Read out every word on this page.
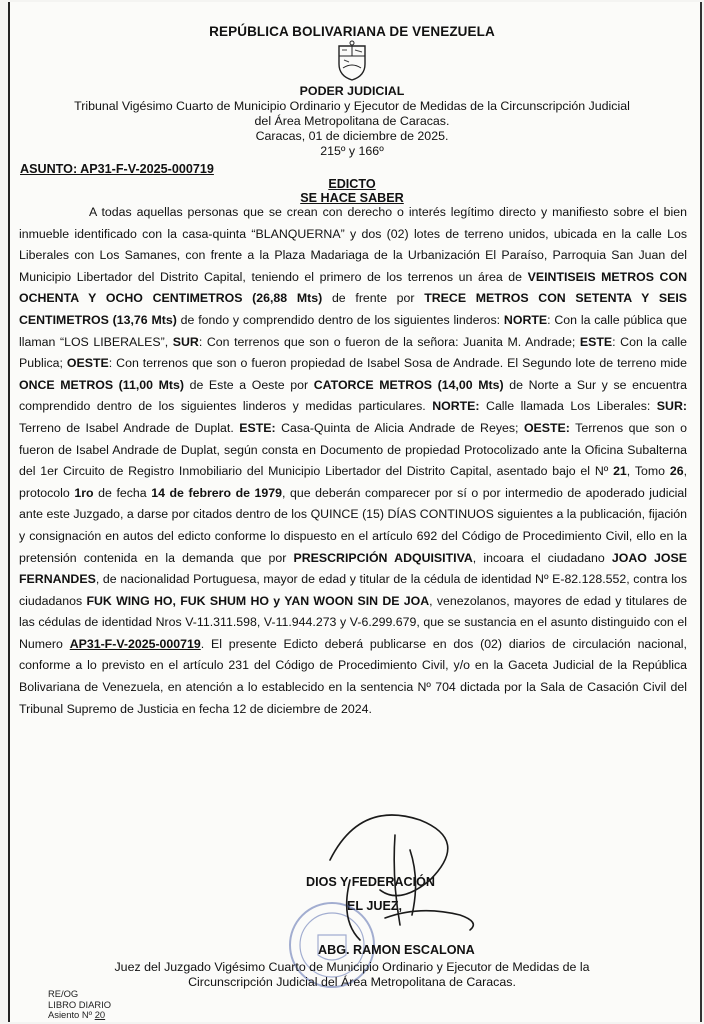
REPÚBLICA BOLIVARIANA DE VENEZUELA
PODER JUDICIAL
Tribunal Vigésimo Cuarto de Municipio Ordinario y Ejecutor de Medidas de la Circunscripción Judicial
del Área Metropolitana de Caracas.
Caracas, 01 de diciembre de 2025.
215º y 166º
ASUNTO: AP31-F-V-2025-000719
EDICTO
SE HACE SABER

A todas aquellas personas que se crean con derecho o interés legítimo directo y manifiesto sobre el bien inmueble identificado con la casa-quinta “BLANQUERNA” y dos (02) lotes de terreno unidos, ubicada en la calle Los Liberales con Los Samanes, con frente a la Plaza Madariaga de la Urbanización El Paraíso, Parroquia San Juan del Municipio Libertador del Distrito Capital, teniendo el primero de los terrenos un área de VEINTISEIS METROS CON OCHENTA Y OCHO CENTIMETROS (26,88 Mts) de frente por TRECE METROS CON SETENTA Y SEIS CENTIMETROS (13,76 Mts) de fondo y comprendido dentro de los siguientes linderos: NORTE: Con la calle pública que llaman “LOS LIBERALES”, SUR: Con terrenos que son o fueron de la señora: Juanita M. Andrade; ESTE: Con la calle Publica; OESTE: Con terrenos que son o fueron propiedad de Isabel Sosa de Andrade. El Segundo lote de terreno mide ONCE METROS (11,00 Mts) de Este a Oeste por CATORCE METROS (14,00 Mts) de Norte a Sur y se encuentra comprendido dentro de los siguientes linderos y medidas particulares. NORTE: Calle llamada Los Liberales: SUR: Terreno de Isabel Andrade de Duplat. ESTE: Casa-Quinta de Alicia Andrade de Reyes; OESTE: Terrenos que son o fueron de Isabel Andrade de Duplat, según consta en Documento de propiedad Protocolizado ante la Oficina Subalterna del 1er Circuito de Registro Inmobiliario del Municipio Libertador del Distrito Capital, asentado bajo el Nº 21, Tomo 26, protocolo 1ro de fecha 14 de febrero de 1979, que deberán comparecer por sí o por intermedio de apoderado judicial ante este Juzgado, a darse por citados dentro de los QUINCE (15) DÍAS CONTINUOS siguientes a la publicación, fijación y consignación en autos del edicto conforme lo dispuesto en el artículo 692 del Código de Procedimiento Civil, ello en la pretensión contenida en la demanda que por PRESCRIPCIÓN ADQUISITIVA, incoara el ciudadano JOAO JOSE FERNANDES, de nacionalidad Portuguesa, mayor de edad y titular de la cédula de identidad Nº E-82.128.552, contra los ciudadanos FUK WING HO, FUK SHUM HO y YAN WOON SIN DE JOA, venezolanos, mayores de edad y titulares de las cédulas de identidad Nros V-11.311.598, V-11.944.273 y V-6.299.679, que se sustancia en el asunto distinguido con el Numero AP31-F-V-2025-000719. El presente Edicto deberá publicarse en dos (02) diarios de circulación nacional, conforme a lo previsto en el artículo 231 del Código de Procedimiento Civil, y/o en la Gaceta Judicial de la República Bolivariana de Venezuela, en atención a lo establecido en la sentencia Nº 704 dictada por la Sala de Casación Civil del Tribunal Supremo de Justicia en fecha 12 de diciembre de 2024.

DIOS Y FEDERACIÓN
EL JUEZ,
ABG. RAMON ESCALONA
Juez del Juzgado Vigésimo Cuarto de Municipio Ordinario y Ejecutor de Medidas de la
Circunscripción Judicial del Área Metropolitana de Caracas.
RE/OG
LIBRO DIARIO
Asiento Nº 20
